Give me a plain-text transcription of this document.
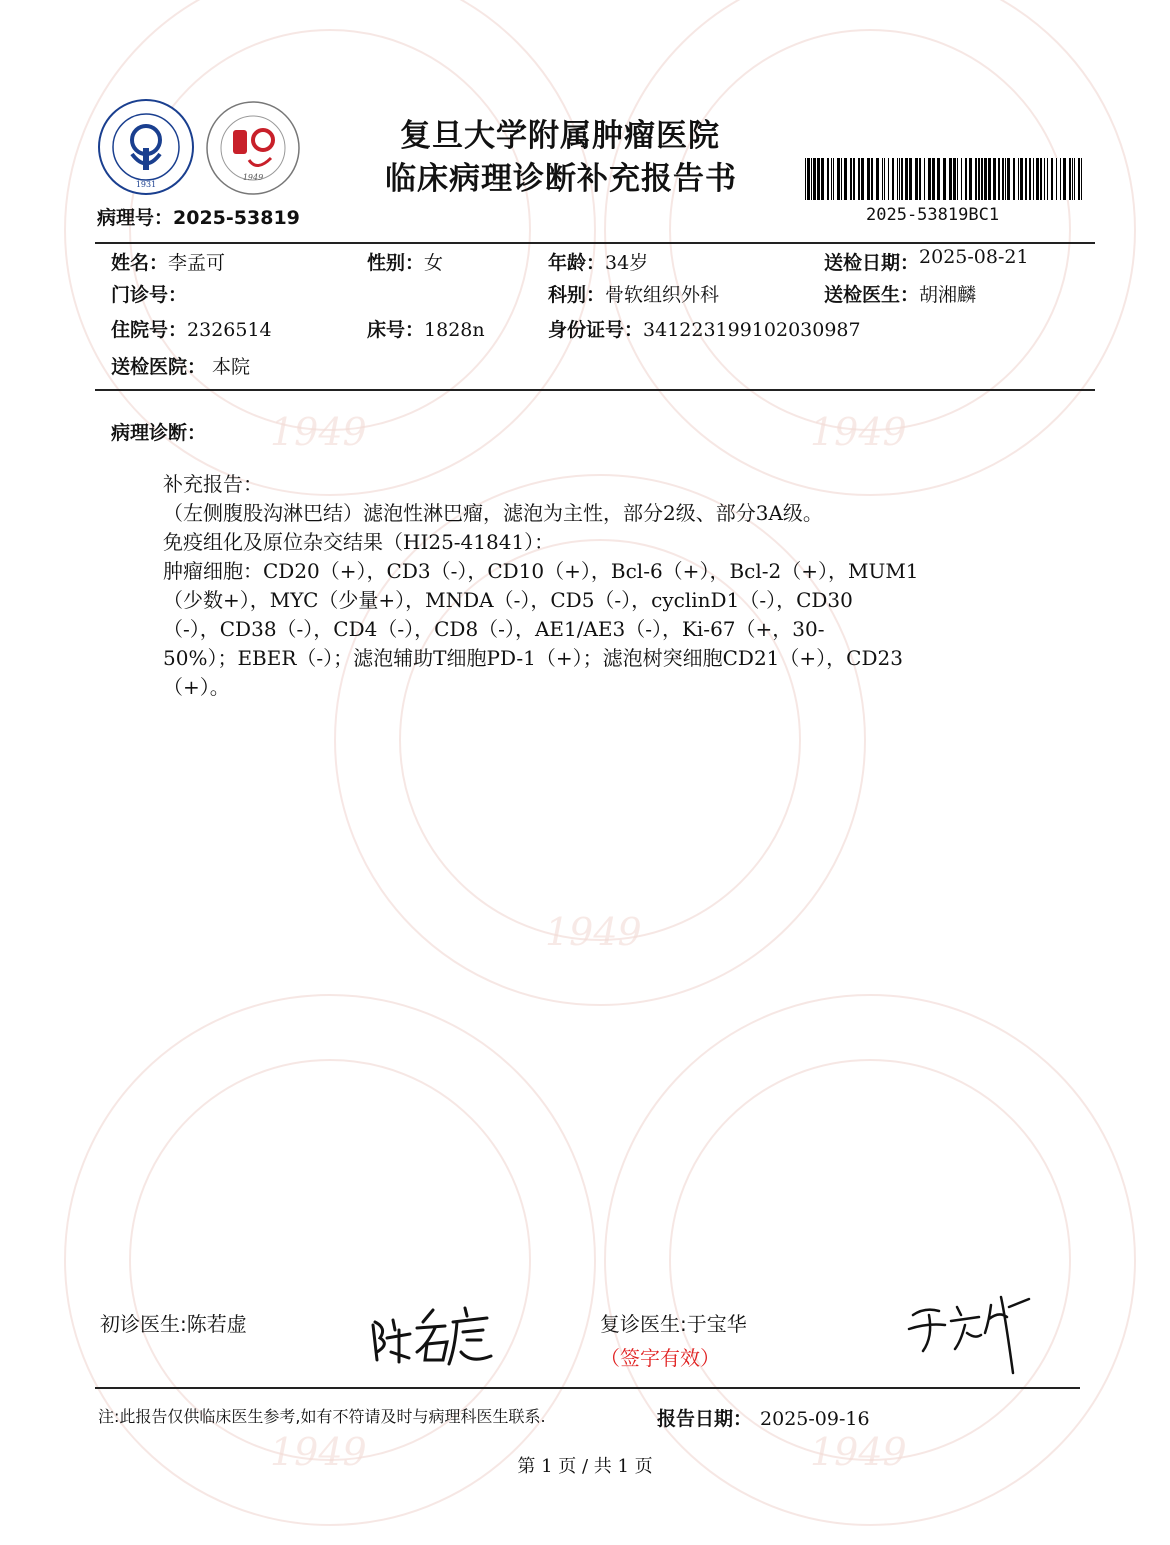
1949	1949
1949
1949	1949
1931
1949
复旦大学附属肿瘤医院
临床病理诊断补充报告书
2025-53819BC1
病理号：2025-53819
姓名：李孟可	性别：女	年龄：34岁	送检日期：2025-08-21
门诊号：	科别：骨软组织外科	送检医生：胡湘麟
住院号：2326514	床号：1828n	身份证号：341223199102030987
送检医院： 本院
病理诊断：
补充报告：
（左侧腹股沟淋巴结）滤泡性淋巴瘤，滤泡为主性，部分2级、部分3A级。
免疫组化及原位杂交结果（HI25-41841）：
肿瘤细胞：CD20（+），CD3（-），CD10（+），Bcl-6（+），Bcl-2（+），MUM1
（少数+），MYC（少量+），MNDA（-），CD5（-），cyclinD1（-），CD30
（-），CD38（-），CD4（-），CD8（-），AE1/AE3（-），Ki-67（+，30-
50%）；EBER（-）；滤泡辅助T细胞PD-1（+）；滤泡树突细胞CD21（+），CD23
（+）。
初诊医生:陈若虚	复诊医生:于宝华
（签字有效）
注:此报告仅供临床医生参考,如有不符请及时与病理科医生联系.	报告日期： 2025-09-16
第 1 页 / 共 1 页
